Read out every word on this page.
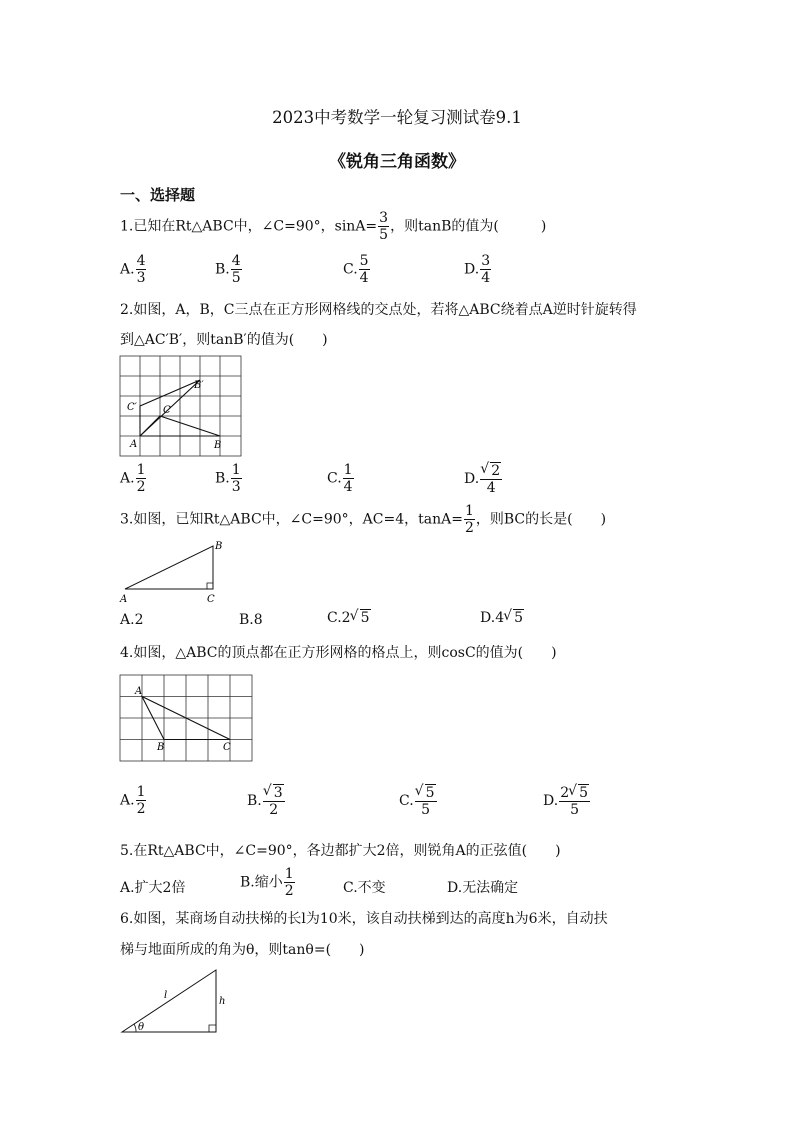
2023中考数学一轮复习测试卷9.1
《锐角三角函数》
一、选择题
1.已知在Rt△ABC中，∠C=90°，$\sin A= \frac{3}{5}$ ，则tanB的值为(　　　)
A. $\frac{4}{3}$	B. $\frac{4}{5}$	C. $\frac{5}{4}$	D. $\frac{3}{4}$
2.如图，A，B，C三点在正方形网格线的交点处，若将△ABC绕着点A逆时针旋转得
到△AC′B′，则tanB′的值为(　　)
C′
B′
C
A	B
A. $\frac{1}{2}$	B. $\frac{1}{3}$	C. $\frac{1}{4}$	D. √ $\frac{2}{4}$
3.如图，已知Rt△ABC中，∠C=90°，AC=4，$\tan A= \frac{1}{2}$ ，则BC的长是(　　)
A
B
C
A.2	B.8	C.2 √ 5	D.4 √ 5
4.如图，△ABC的顶点都在正方形网格的格点上，则cosC的值为(　　)
A
B	C
A. $\frac{1}{2}$	B. √ $\frac{3}{2}$	C. √ $\frac{5}{5}$	D. $\frac{2 √ 5}{5}$
5.在Rt△ABC中，∠C=90°，各边都扩大2倍，则锐角A的正弦值(　　)
A.扩大2倍	B.缩小 $\frac{1}{2}$	C.不变	D.无法确定
6.如图，某商场自动扶梯的长l为10米，该自动扶梯到达的高度h为6米，自动扶
梯与地面所成的角为θ，则tanθ=(　　)
l
h
θ
